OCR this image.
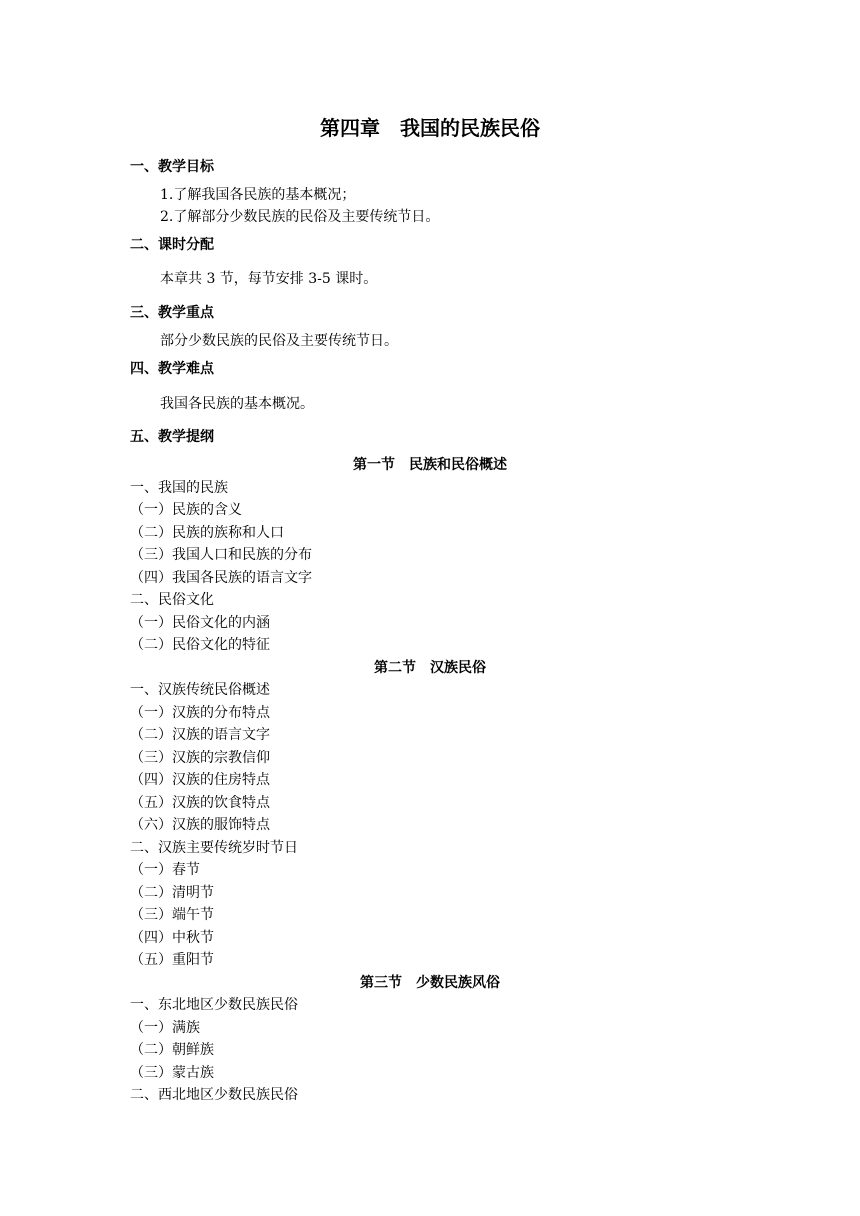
第四章　我国的民族民俗
一、教学目标
1.了解我国各民族的基本概况；
2.了解部分少数民族的民俗及主要传统节日。
二、课时分配
本章共 3 节，每节安排 3-5 课时。
三、教学重点
部分少数民族的民俗及主要传统节日。
四、教学难点
我国各民族的基本概况。
五、教学提纲
第一节　民族和民俗概述
一、我国的民族
（一）民族的含义
（二）民族的族称和人口
（三）我国人口和民族的分布
（四）我国各民族的语言文字
二、民俗文化
（一）民俗文化的内涵
（二）民俗文化的特征
第二节　汉族民俗
一、汉族传统民俗概述
（一）汉族的分布特点
（二）汉族的语言文字
（三）汉族的宗教信仰
（四）汉族的住房特点
（五）汉族的饮食特点
（六）汉族的服饰特点
二、汉族主要传统岁时节日
（一）春节
（二）清明节
（三）端午节
（四）中秋节
（五）重阳节
第三节　少数民族风俗
一、东北地区少数民族民俗
（一）满族
（二）朝鲜族
（三）蒙古族
二、西北地区少数民族民俗
